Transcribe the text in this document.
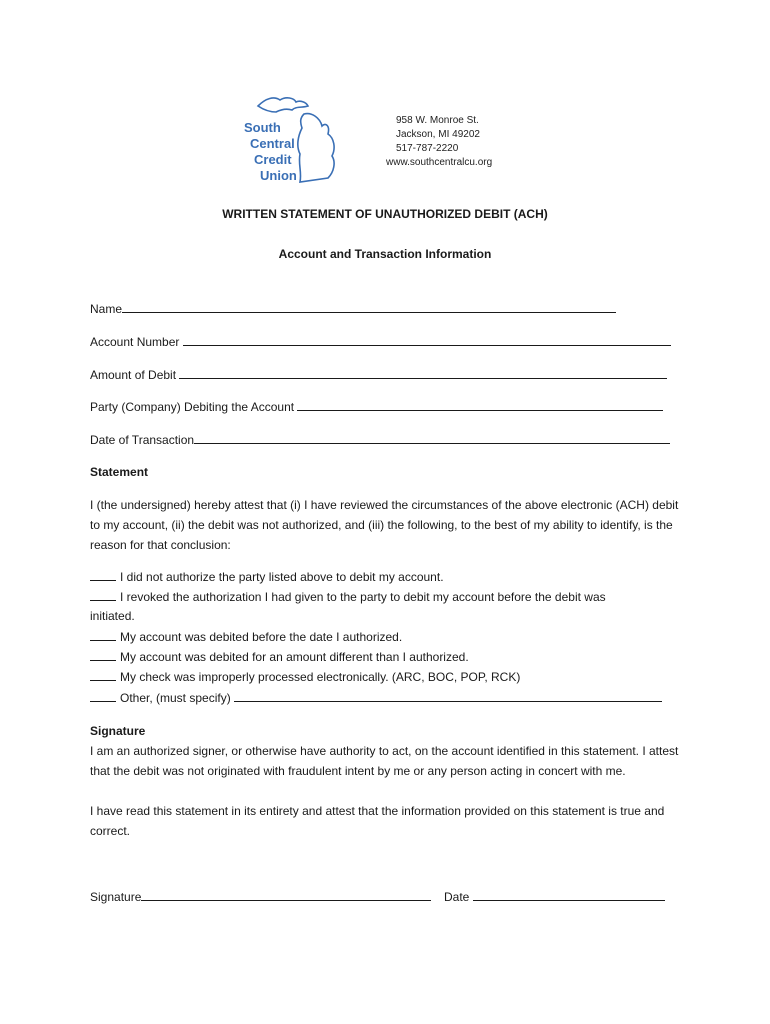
South
Central
Credit
Union
958 W. Monroe St.
Jackson, MI 49202
517-787-2220
www.southcentralcu.org
WRITTEN STATEMENT OF UNAUTHORIZED DEBIT (ACH)
Account and Transaction Information
Name
Account Number
Amount of Debit
Party (Company) Debiting the Account
Date of Transaction
Statement
I (the undersigned) hereby attest that (i) I have reviewed the circumstances of the above electronic (ACH) debit to my account, (ii) the debit was not authorized, and (iii) the following, to the best of my ability to identify, is the reason for that conclusion:
I did not authorize the party listed above to debit my account.
I revoked the authorization I had given to the party to debit my account before the debit was
initiated.
My account was debited before the date I authorized.
My account was debited for an amount different than I authorized.
My check was improperly processed electronically. (ARC, BOC, POP, RCK)
Other, (must specify)
Signature
I am an authorized signer, or otherwise have authority to act, on the account identified in this statement. I attest that the debit was not originated with fraudulent intent by me or any person acting in concert with me.
I have read this statement in its entirety and attest that the information provided on this statement is true and correct.
Signature	Date
